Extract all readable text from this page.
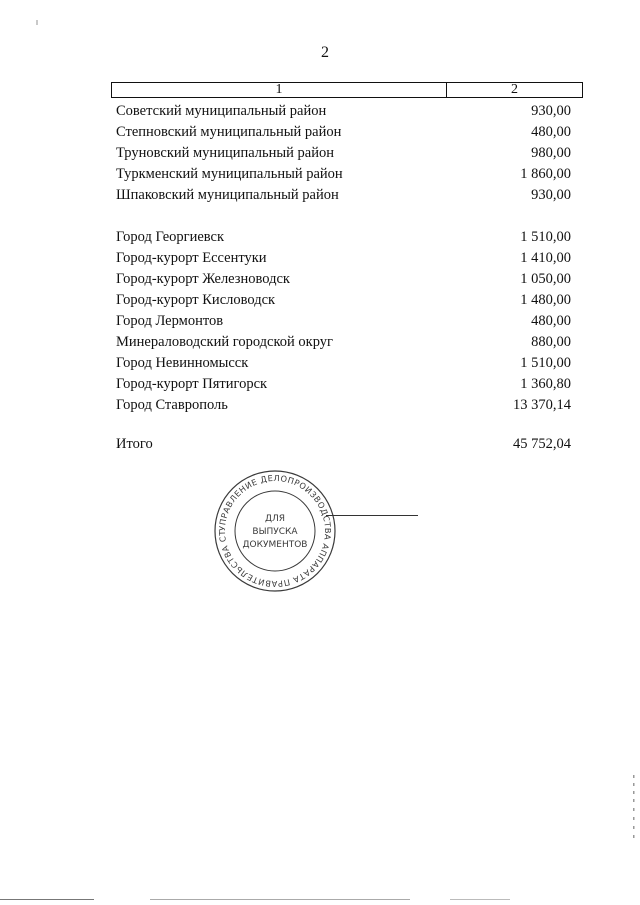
2
1	2
Советский муниципальный район	930,00
Степновский муниципальный район	480,00
Труновский муниципальный район	980,00
Туркменский муниципальный район	1 860,00
Шпаковский муниципальный район	930,00
Город Георгиевск	1 510,00
Город-курорт Ессентуки	1 410,00
Город-курорт Железноводск	1 050,00
Город-курорт Кисловодск	1 480,00
Город Лермонтов	480,00
Минераловодский городской округ	880,00
Город Невинномысск	1 510,00
Город-курорт Пятигорск	1 360,80
Город Ставрополь	13 370,14
Итого	45 752,04
УПРАВЛЕНИЕ ДЕЛОПРОИЗВОДСТВА АППАРАТА ПРАВИТЕЛЬСТВА СТ
ДЛЯ
ВЫПУСКА
ДОКУМЕНТОВ
